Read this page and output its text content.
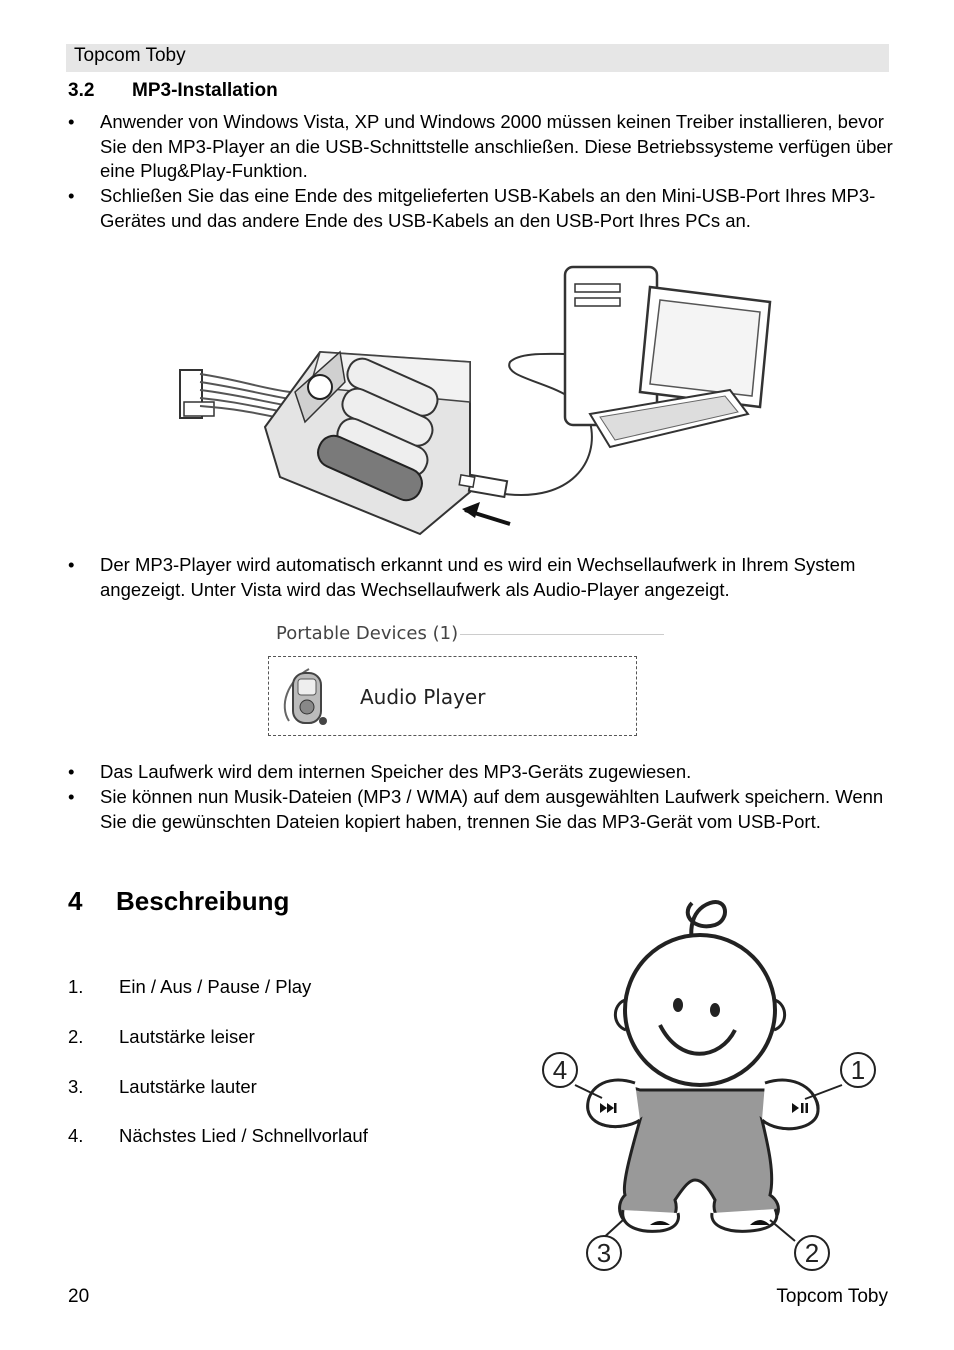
Topcom Toby
3.2 MP3-Installation
• Anwender von Windows Vista, XP und Windows 2000 müssen keinen Treiber installieren, bevor Sie den MP3-Player an die USB-Schnittstelle anschließen. Diese Betriebssysteme verfügen über eine Plug&Play-Funktion.
• Schließen Sie das eine Ende des mitgelieferten USB-Kabels an den Mini-USB-Port Ihres MP3-Gerätes und das andere Ende des USB-Kabels an den USB-Port Ihres PCs an.
• Der MP3-Player wird automatisch erkannt und es wird ein Wechsellaufwerk in Ihrem System angezeigt. Unter Vista wird das Wechsellaufwerk als Audio-Player angezeigt.
Portable Devices (1)
Audio Player
• Das Laufwerk wird dem internen Speicher des MP3-Geräts zugewiesen.
• Sie können nun Musik-Dateien (MP3 / WMA) auf dem ausgewählten Laufwerk speichern. Wenn Sie die gewünschten Dateien kopiert haben, trennen Sie das MP3-Gerät vom USB-Port.
4 Beschreibung
1. Ein / Aus / Pause / Play
2. Lautstärke leiser
3. Lautstärke lauter
4. Nächstes Lied / Schnellvorlauf
4	1
3	2
20	Topcom Toby
